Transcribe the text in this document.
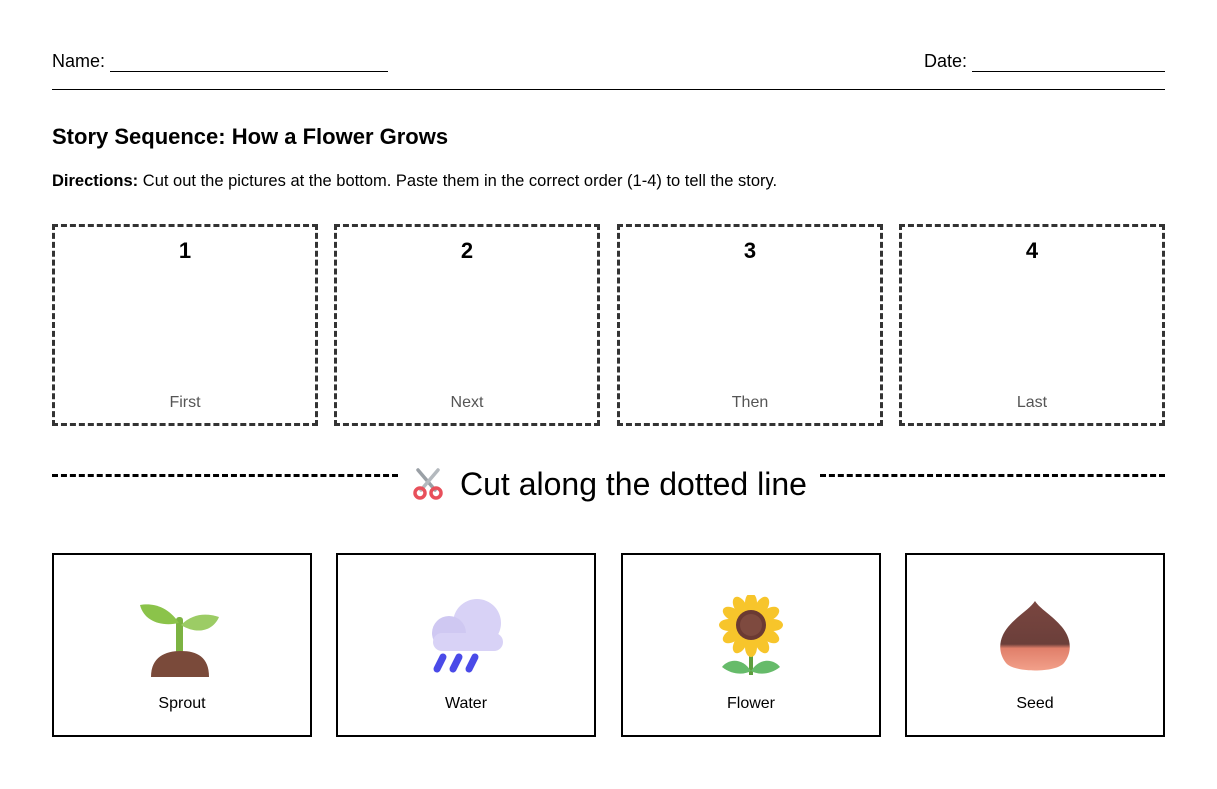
Name:	Date:
Story Sequence: How a Flower Grows
Directions: Cut out the pictures at the bottom. Paste them in the correct order (1-4) to tell the story.
1
First
2
Next
3
Then
4
Last
Cut along the dotted line
Sprout	Water	Flower	Seed
